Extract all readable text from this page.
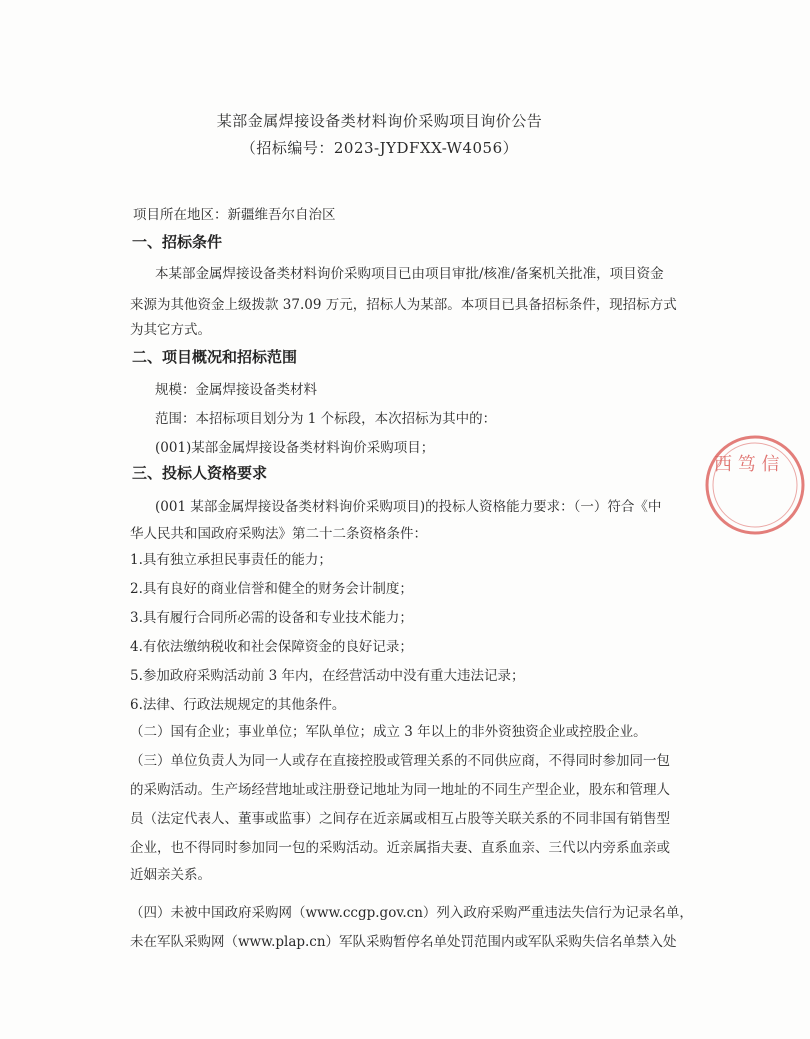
某部金属焊接设备类材料询价采购项目询价公告
（招标编号：2023-JYDFXX-W4056）
项目所在地区：新疆维吾尔自治区
一、招标条件
本某部金属焊接设备类材料询价采购项目已由项目审批/核准/备案机关批准，项目资金
来源为其他资金上级拨款 37.09 万元，招标人为某部。本项目已具备招标条件，现招标方式
为其它方式。
二、项目概况和招标范围
规模：金属焊接设备类材料
范围：本招标项目划分为 1 个标段，本次招标为其中的：
(001)某部金属焊接设备类材料询价采购项目；
三、投标人资格要求
(001 某部金属焊接设备类材料询价采购项目)的投标人资格能力要求：（一）符合《中
华人民共和国政府采购法》第二十二条资格条件：
1.具有独立承担民事责任的能力；
2.具有良好的商业信誉和健全的财务会计制度；
3.具有履行合同所必需的设备和专业技术能力；
4.有依法缴纳税收和社会保障资金的良好记录；
5.参加政府采购活动前 3 年内，在经营活动中没有重大违法记录；
6.法律、行政法规规定的其他条件。
（二）国有企业；事业单位；军队单位；成立 3 年以上的非外资独资企业或控股企业。
（三）单位负责人为同一人或存在直接控股或管理关系的不同供应商，不得同时参加同一包
的采购活动。生产场经营地址或注册登记地址为同一地址的不同生产型企业，股东和管理人
员（法定代表人、董事或监事）之间存在近亲属或相互占股等关联关系的不同非国有销售型
企业，也不得同时参加同一包的采购活动。近亲属指夫妻、直系血亲、三代以内旁系血亲或
近姻亲关系。
（四）未被中国政府采购网（www.ccgp.gov.cn）列入政府采购严重违法失信行为记录名单，
未在军队采购网（www.plap.cn）军队采购暂停名单处罚范围内或军队采购失信名单禁入处
西 笃 信
